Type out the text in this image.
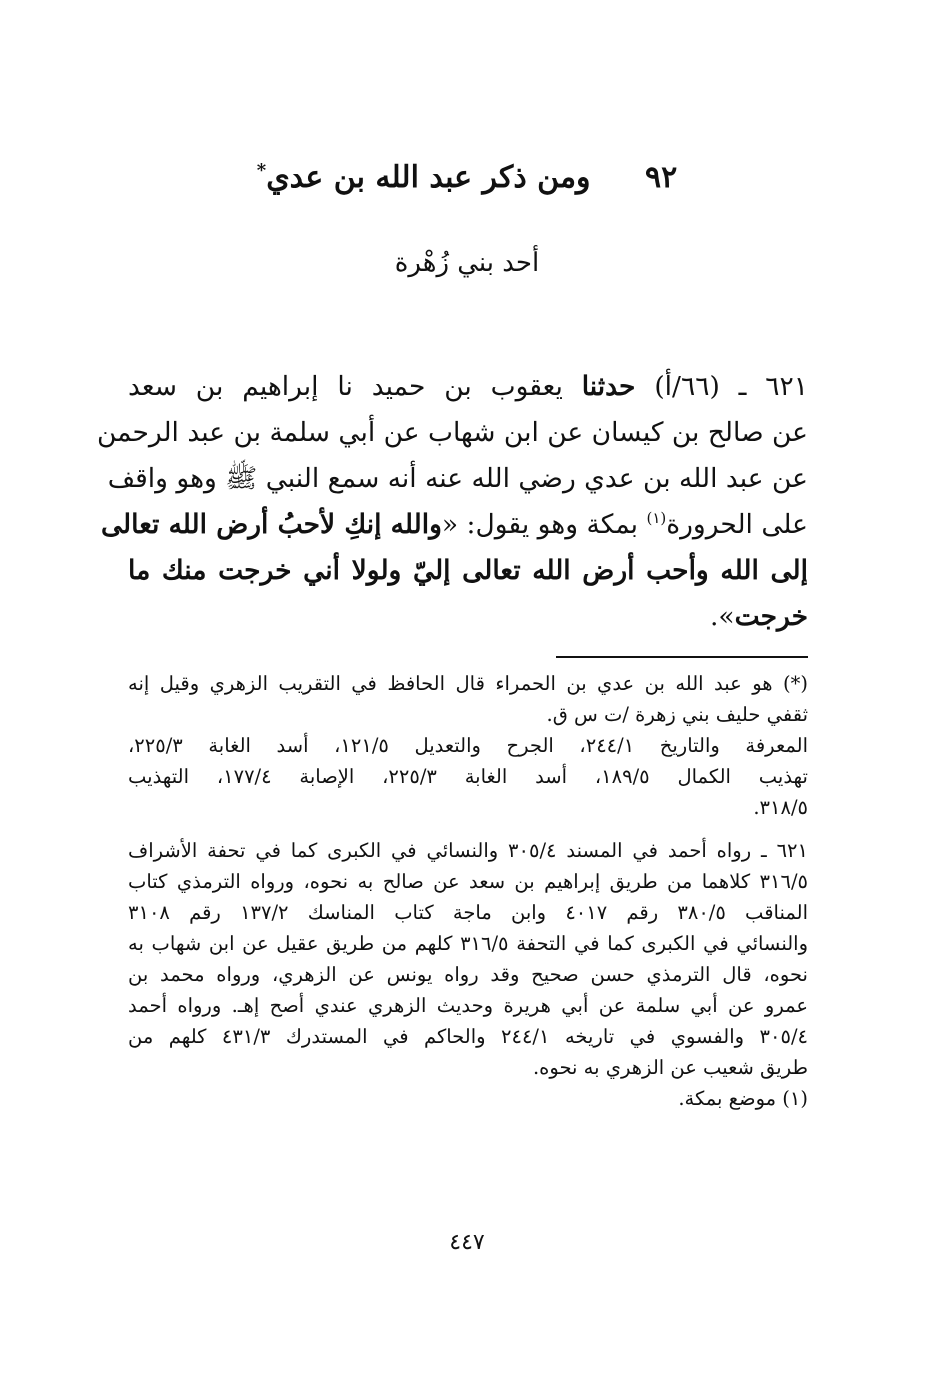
٩٢ ومن ذكر عبد الله بن عدي*
أحد بني زُهْرة
٦٢١ ـ (٦٦/أ) حدثنا يعقوب بن حميد نا إبراهيم بن سعد
عن صالح بن كيسان عن ابن شهاب عن أبي سلمة بن عبد الرحمن
عن عبد الله بن عدي رضي الله عنه أنه سمع النبي ﷺ وهو واقف
على الحرورة$^{(١)}$ بمكة وهو يقول: «والله إنكِ لأحبُ أرض الله تعالى
إلى الله وأحب أرض الله تعالى إليّ ولولا أني خرجت منك ما
خرجت».
(*) هو عبد الله بن عدي بن الحمراء قال الحافظ في التقريب الزهري وقيل إنه
ثقفي حليف بني زهرة /ت س ق.
المعرفة والتاريخ ٢٤٤/١، الجرح والتعديل ١٢١/٥، أسد الغابة ٢٢٥/٣،
تهذيب الكمال ١٨٩/٥، أسد الغابة ٢٢٥/٣، الإصابة ١٧٧/٤، التهذيب
٣١٨/٥.
٦٢١ ـ رواه أحمد في المسند ٣٠٥/٤ والنسائي في الكبرى كما في تحفة الأشراف
٣١٦/٥ كلاهما من طريق إبراهيم بن سعد عن صالح به نحوه، ورواه الترمذي كتاب
المناقب ٣٨٠/٥ رقم ٤٠١٧ وابن ماجة كتاب المناسك ١٣٧/٢ رقم ٣١٠٨
والنسائي في الكبرى كما في التحفة ٣١٦/٥ كلهم من طريق عقيل عن ابن شهاب به
نحوه، قال الترمذي حسن صحيح وقد رواه يونس عن الزهري، ورواه محمد بن
عمرو عن أبي سلمة عن أبي هريرة وحديث الزهري عندي أصح إهـ. ورواه أحمد
٣٠٥/٤ والفسوي في تاريخه ٢٤٤/١ والحاكم في المستدرك ٤٣١/٣ كلهم من
طريق شعيب عن الزهري به نحوه.
(١) موضع بمكة.
٤٤٧
